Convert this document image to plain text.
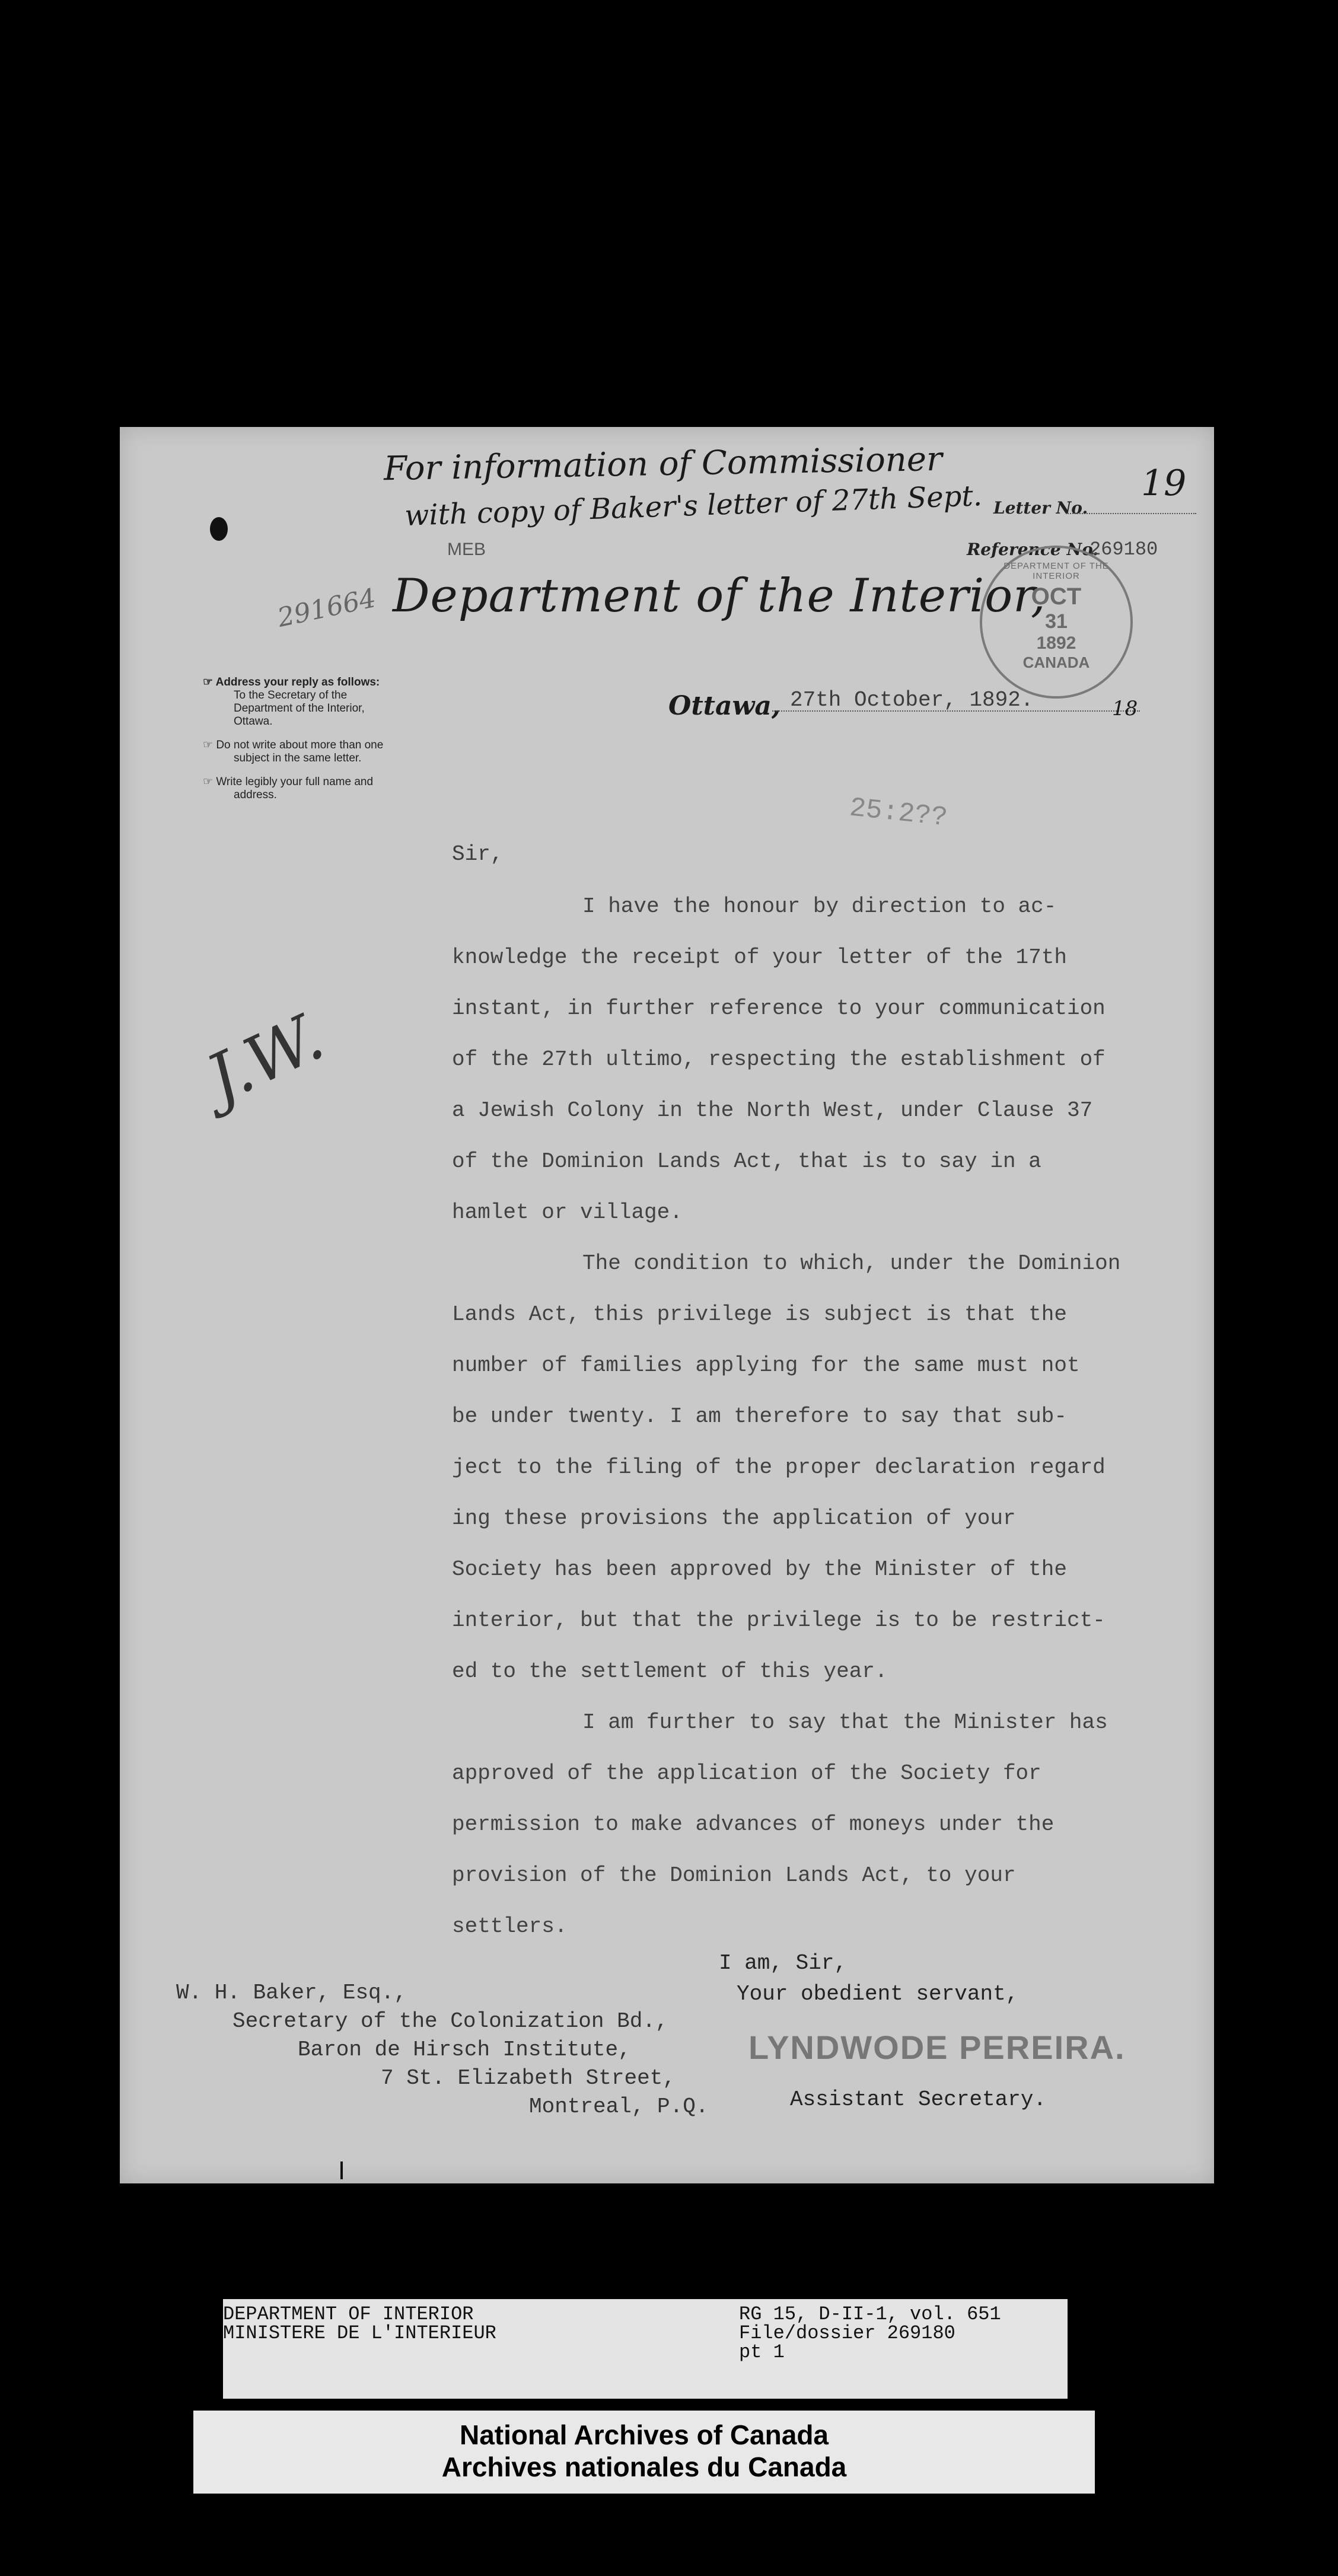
For information of Commissioner
with copy of Baker's letter of 27th Sept.	19
MEB
291664
Letter No.
Reference No.
269180
Department of the Interior,
DEPARTMENT OF THE INTERIOR
OCT
31
1892
CANADA
☞ Address your reply as follows:
To the Secretary of the
Department of the Interior, Ottawa.
☞ Do not write about more than one
subject in the same letter.
☞ Write legibly your full name and
address.
Ottawa, 27th October, 1892.	18
25:2??
J.W.
Sir,
I have the honour by direction to ac-
knowledge the receipt of your letter of the 17th
instant, in further reference to your communication
of the 27th ultimo, respecting the establishment of
a Jewish Colony in the North West, under Clause 37
of the Dominion Lands Act, that is to say in a
hamlet or village.
The condition to which, under the Dominion
Lands Act, this privilege is subject is that the
number of families applying for the same must not
be under twenty. I am therefore to say that sub-
ject to the filing of the proper declaration regard
ing these provisions the application of your
Society has been approved by the Minister of the
interior, but that the privilege is to be restrict-
ed to the settlement of this year.
I am further to say that the Minister has
approved of the application of the Society for
permission to make advances of moneys under the
provision of the Dominion Lands Act, to your
settlers.
I am, Sir,
Your obedient servant,
LYNDWODE PEREIRA.
Assistant Secretary.
W. H. Baker, Esq.,
Secretary of the Colonization Bd.,
Baron de Hirsch Institute,
7 St. Elizabeth Street,
Montreal, P.Q.
DEPARTMENT OF INTERIOR
MINISTERE DE L'INTERIEUR
RG 15, D-II-1, vol. 651
File/dossier 269180
pt 1
National Archives of Canada
Archives nationales du Canada
